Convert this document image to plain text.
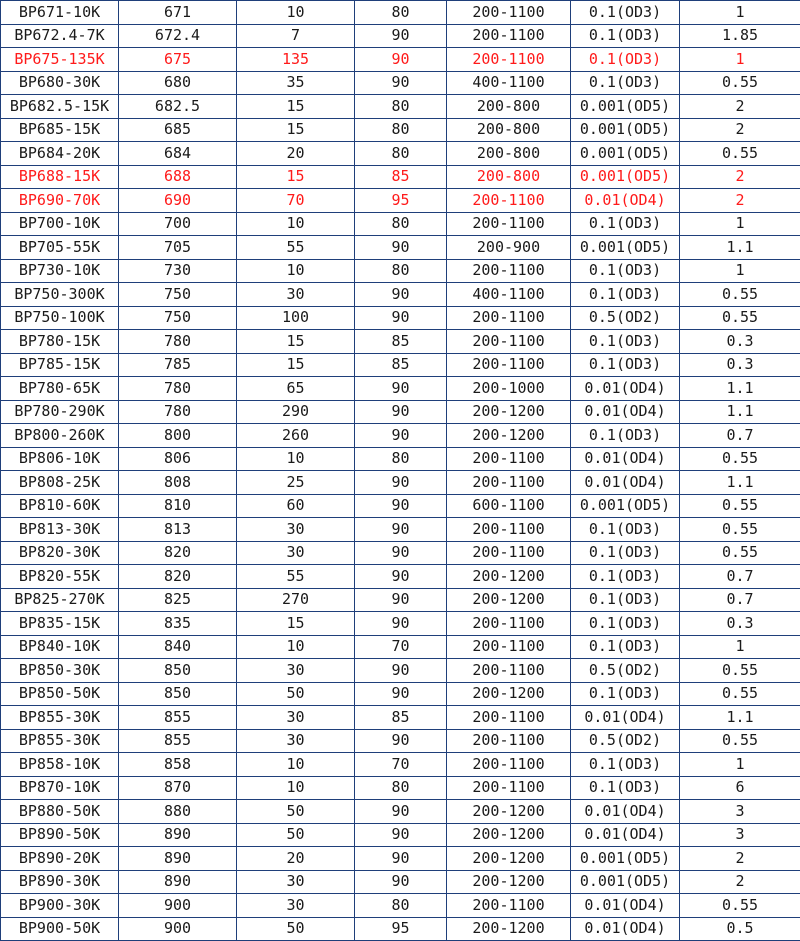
BP671-10K	671	10	80	200-1100	0.1(OD3)	1
BP672.4-7K	672.4	7	90	200-1100	0.1(OD3)	1.85
BP675-135K	675	135	90	200-1100	0.1(OD3)	1
BP680-30K	680	35	90	400-1100	0.1(OD3)	0.55
BP682.5-15K	682.5	15	80	200-800	0.001(OD5)	2
BP685-15K	685	15	80	200-800	0.001(OD5)	2
BP684-20K	684	20	80	200-800	0.001(OD5)	0.55
BP688-15K	688	15	85	200-800	0.001(OD5)	2
BP690-70K	690	70	95	200-1100	0.01(OD4)	2
BP700-10K	700	10	80	200-1100	0.1(OD3)	1
BP705-55K	705	55	90	200-900	0.001(OD5)	1.1
BP730-10K	730	10	80	200-1100	0.1(OD3)	1
BP750-300K	750	30	90	400-1100	0.1(OD3)	0.55
BP750-100K	750	100	90	200-1100	0.5(OD2)	0.55
BP780-15K	780	15	85	200-1100	0.1(OD3)	0.3
BP785-15K	785	15	85	200-1100	0.1(OD3)	0.3
BP780-65K	780	65	90	200-1000	0.01(OD4)	1.1
BP780-290K	780	290	90	200-1200	0.01(OD4)	1.1
BP800-260K	800	260	90	200-1200	0.1(OD3)	0.7
BP806-10K	806	10	80	200-1100	0.01(OD4)	0.55
BP808-25K	808	25	90	200-1100	0.01(OD4)	1.1
BP810-60K	810	60	90	600-1100	0.001(OD5)	0.55
BP813-30K	813	30	90	200-1100	0.1(OD3)	0.55
BP820-30K	820	30	90	200-1100	0.1(OD3)	0.55
BP820-55K	820	55	90	200-1200	0.1(OD3)	0.7
BP825-270K	825	270	90	200-1200	0.1(OD3)	0.7
BP835-15K	835	15	90	200-1100	0.1(OD3)	0.3
BP840-10K	840	10	70	200-1100	0.1(OD3)	1
BP850-30K	850	30	90	200-1100	0.5(OD2)	0.55
BP850-50K	850	50	90	200-1200	0.1(OD3)	0.55
BP855-30K	855	30	85	200-1100	0.01(OD4)	1.1
BP855-30K	855	30	90	200-1100	0.5(OD2)	0.55
BP858-10K	858	10	70	200-1100	0.1(OD3)	1
BP870-10K	870	10	80	200-1100	0.1(OD3)	6
BP880-50K	880	50	90	200-1200	0.01(OD4)	3
BP890-50K	890	50	90	200-1200	0.01(OD4)	3
BP890-20K	890	20	90	200-1200	0.001(OD5)	2
BP890-30K	890	30	90	200-1200	0.001(OD5)	2
BP900-30K	900	30	80	200-1100	0.01(OD4)	0.55
BP900-50K	900	50	95	200-1200	0.01(OD4)	0.5
